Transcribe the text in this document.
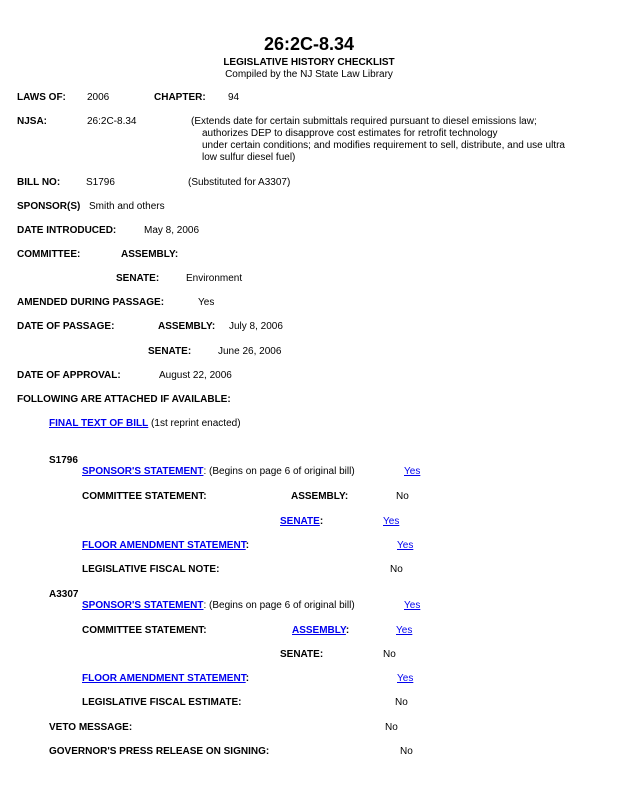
26:2C-8.34
LEGISLATIVE HISTORY CHECKLIST
Compiled by the NJ State Law Library
LAWS OF: 2006	CHAPTER: 94
NJSA:	26:2C-8.34	(Extends date for certain submittals required pursuant to diesel emissions law;
authorizes DEP to disapprove cost estimates for retrofit technology
under certain conditions; and modifies requirement to sell, distribute, and use ultra
low sulfur diesel fuel)
BILL NO:	S1796	(Substituted for A3307)
SPONSOR(S) Smith and others
DATE INTRODUCED:	May 8, 2006
COMMITTEE:	ASSEMBLY:
SENATE:	Environment
AMENDED DURING PASSAGE:	Yes
DATE OF PASSAGE:	ASSEMBLY: July 8, 2006
SENATE:	June 26, 2006
DATE OF APPROVAL:	August 22, 2006
FOLLOWING ARE ATTACHED IF AVAILABLE:
FINAL TEXT OF BILL (1st reprint enacted)
S1796
SPONSOR'S STATEMENT: (Begins on page 6 of original bill)	Yes
COMMITTEE STATEMENT:	ASSEMBLY:	No
SENATE:	Yes
FLOOR AMENDMENT STATEMENT:	Yes
LEGISLATIVE FISCAL NOTE:	No
A3307
SPONSOR'S STATEMENT: (Begins on page 6 of original bill)	Yes
COMMITTEE STATEMENT:	ASSEMBLY:	Yes
SENATE:	No
FLOOR AMENDMENT STATEMENT:	Yes
LEGISLATIVE FISCAL ESTIMATE:	No
VETO MESSAGE:	No
GOVERNOR'S PRESS RELEASE ON SIGNING:	No
